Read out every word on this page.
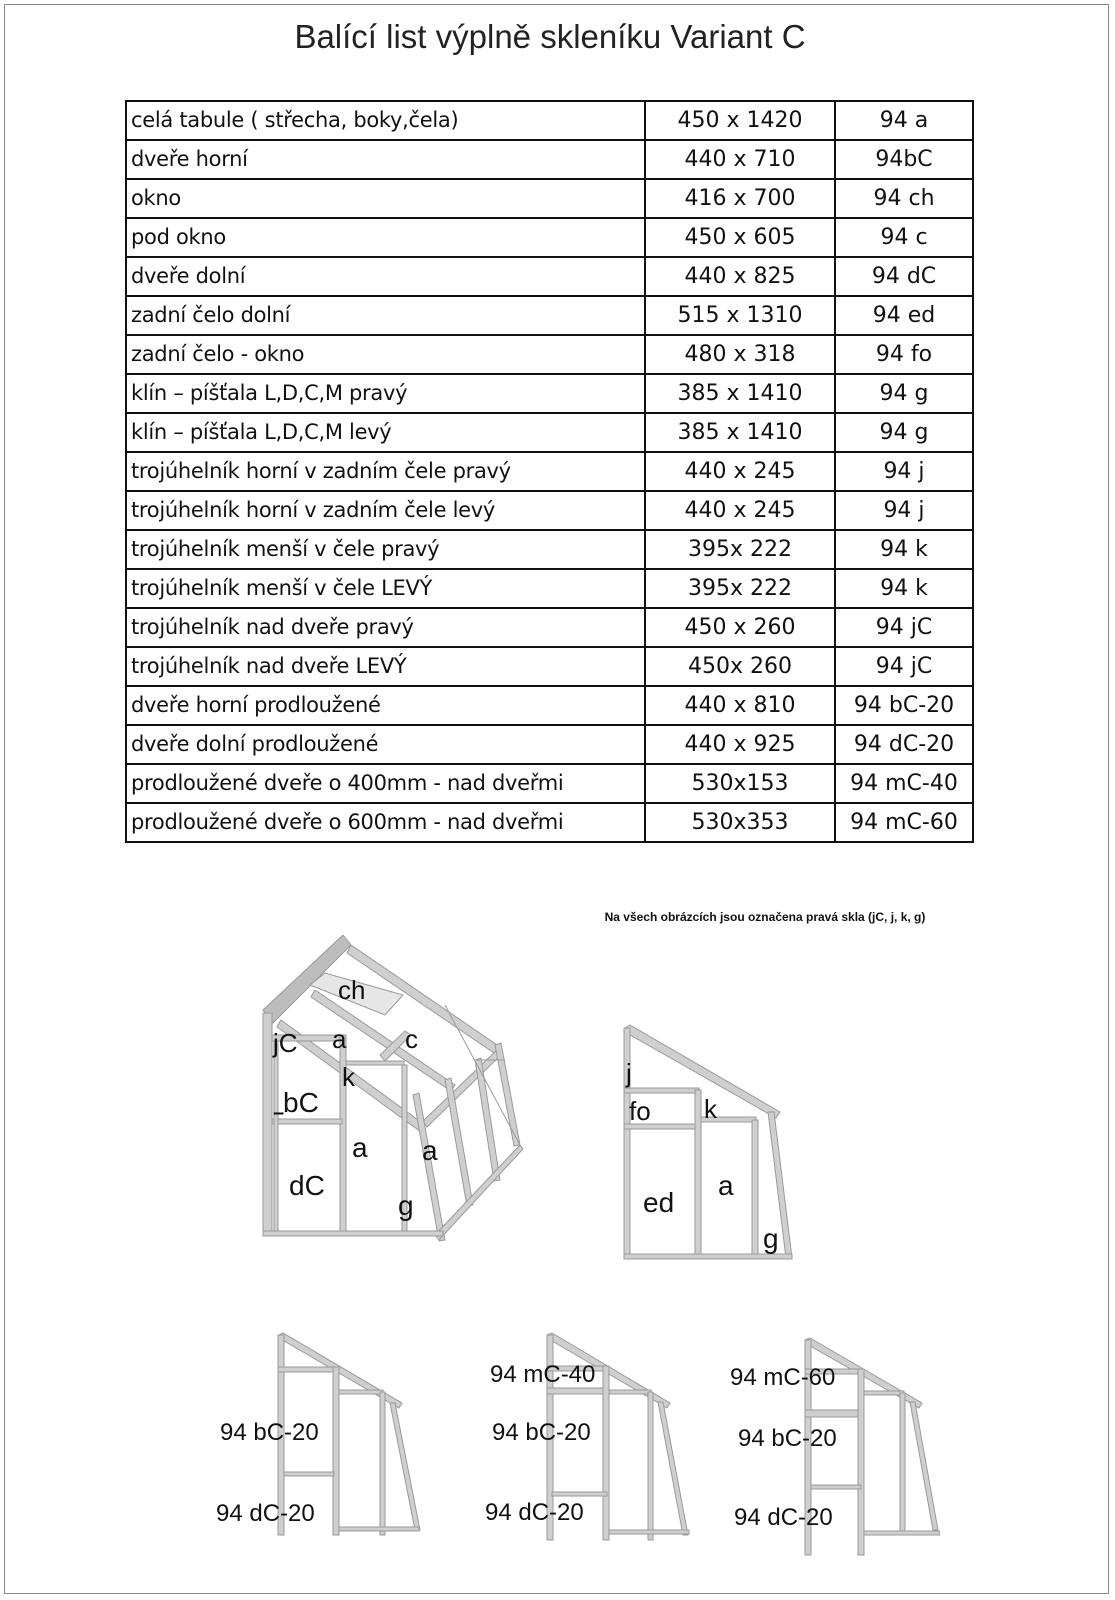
Balící list výplně skleníku Variant C
celá tabule ( střecha, boky,čela)	450 x 1420	94 a
dveře horní	440 x 710	94bC
okno	416 x 700	94 ch
pod okno	450 x 605	94 c
dveře dolní	440 x 825	94 dC
zadní čelo dolní	515 x 1310	94 ed
zadní čelo - okno	480 x 318	94 fo
klín – píšťala L,D,C,M pravý	385 x 1410	94 g
klín – píšťala L,D,C,M levý	385 x 1410	94 g
trojúhelník horní v zadním čele pravý	440 x 245	94 j
trojúhelník horní v zadním čele levý	440 x 245	94 j
trojúhelník menší v čele pravý	395x 222	94 k
trojúhelník menší v čele LEVÝ	395x 222	94 k
trojúhelník nad dveře pravý	450 x 260	94 jC
trojúhelník nad dveře LEVÝ	450x 260	94 jC
dveře horní prodloužené	440 x 810	94 bC-20
dveře dolní prodloužené	440 x 925	94 dC-20
prodloužené dveře o 400mm - nad dveřmi	530x153	94 mC-40
prodloužené dveře o 600mm - nad dveřmi	530x353	94 mC-60
Na všech obrázcích jsou označena pravá skla (jC, j, k, g)
ch
a c
jC
k
bC
–
dC
a a
g
j
fo k
ed
a
g
94 bC-20
94 dC-20
94 mC-40
94 bC-20
94 dC-20
94 mC-60
94 bC-20
94 dC-20
